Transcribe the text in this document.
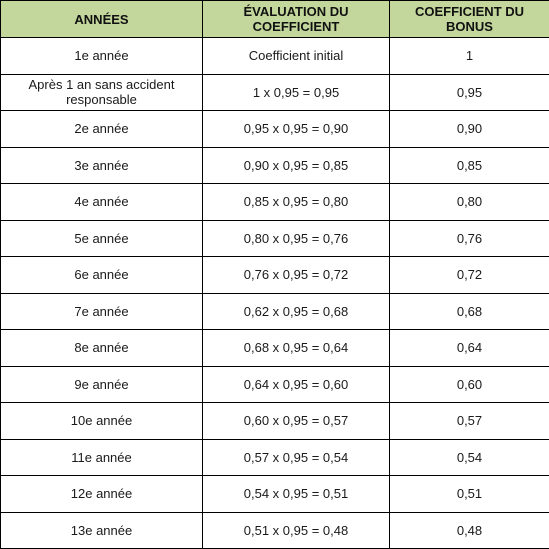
ANNÉES	ÉVALUATION DU COEFFICIENT	COEFFICIENT DU BONUS
1e année	Coefficient initial	1
Après 1 an sans accident responsable	1 x 0,95 = 0,95	0,95
2e année	0,95 x 0,95 = 0,90	0,90
3e année	0,90 x 0,95 = 0,85	0,85
4e année	0,85 x 0,95 = 0,80	0,80
5e année	0,80 x 0,95 = 0,76	0,76
6e année	0,76 x 0,95 = 0,72	0,72
7e année	0,62 x 0,95 = 0,68	0,68
8e année	0,68 x 0,95 = 0,64	0,64
9e année	0,64 x 0,95 = 0,60	0,60
10e année	0,60 x 0,95 = 0,57	0,57
11e année	0,57 x 0,95 = 0,54	0,54
12e année	0,54 x 0,95 = 0,51	0,51
13e année	0,51 x 0,95 = 0,48	0,48
